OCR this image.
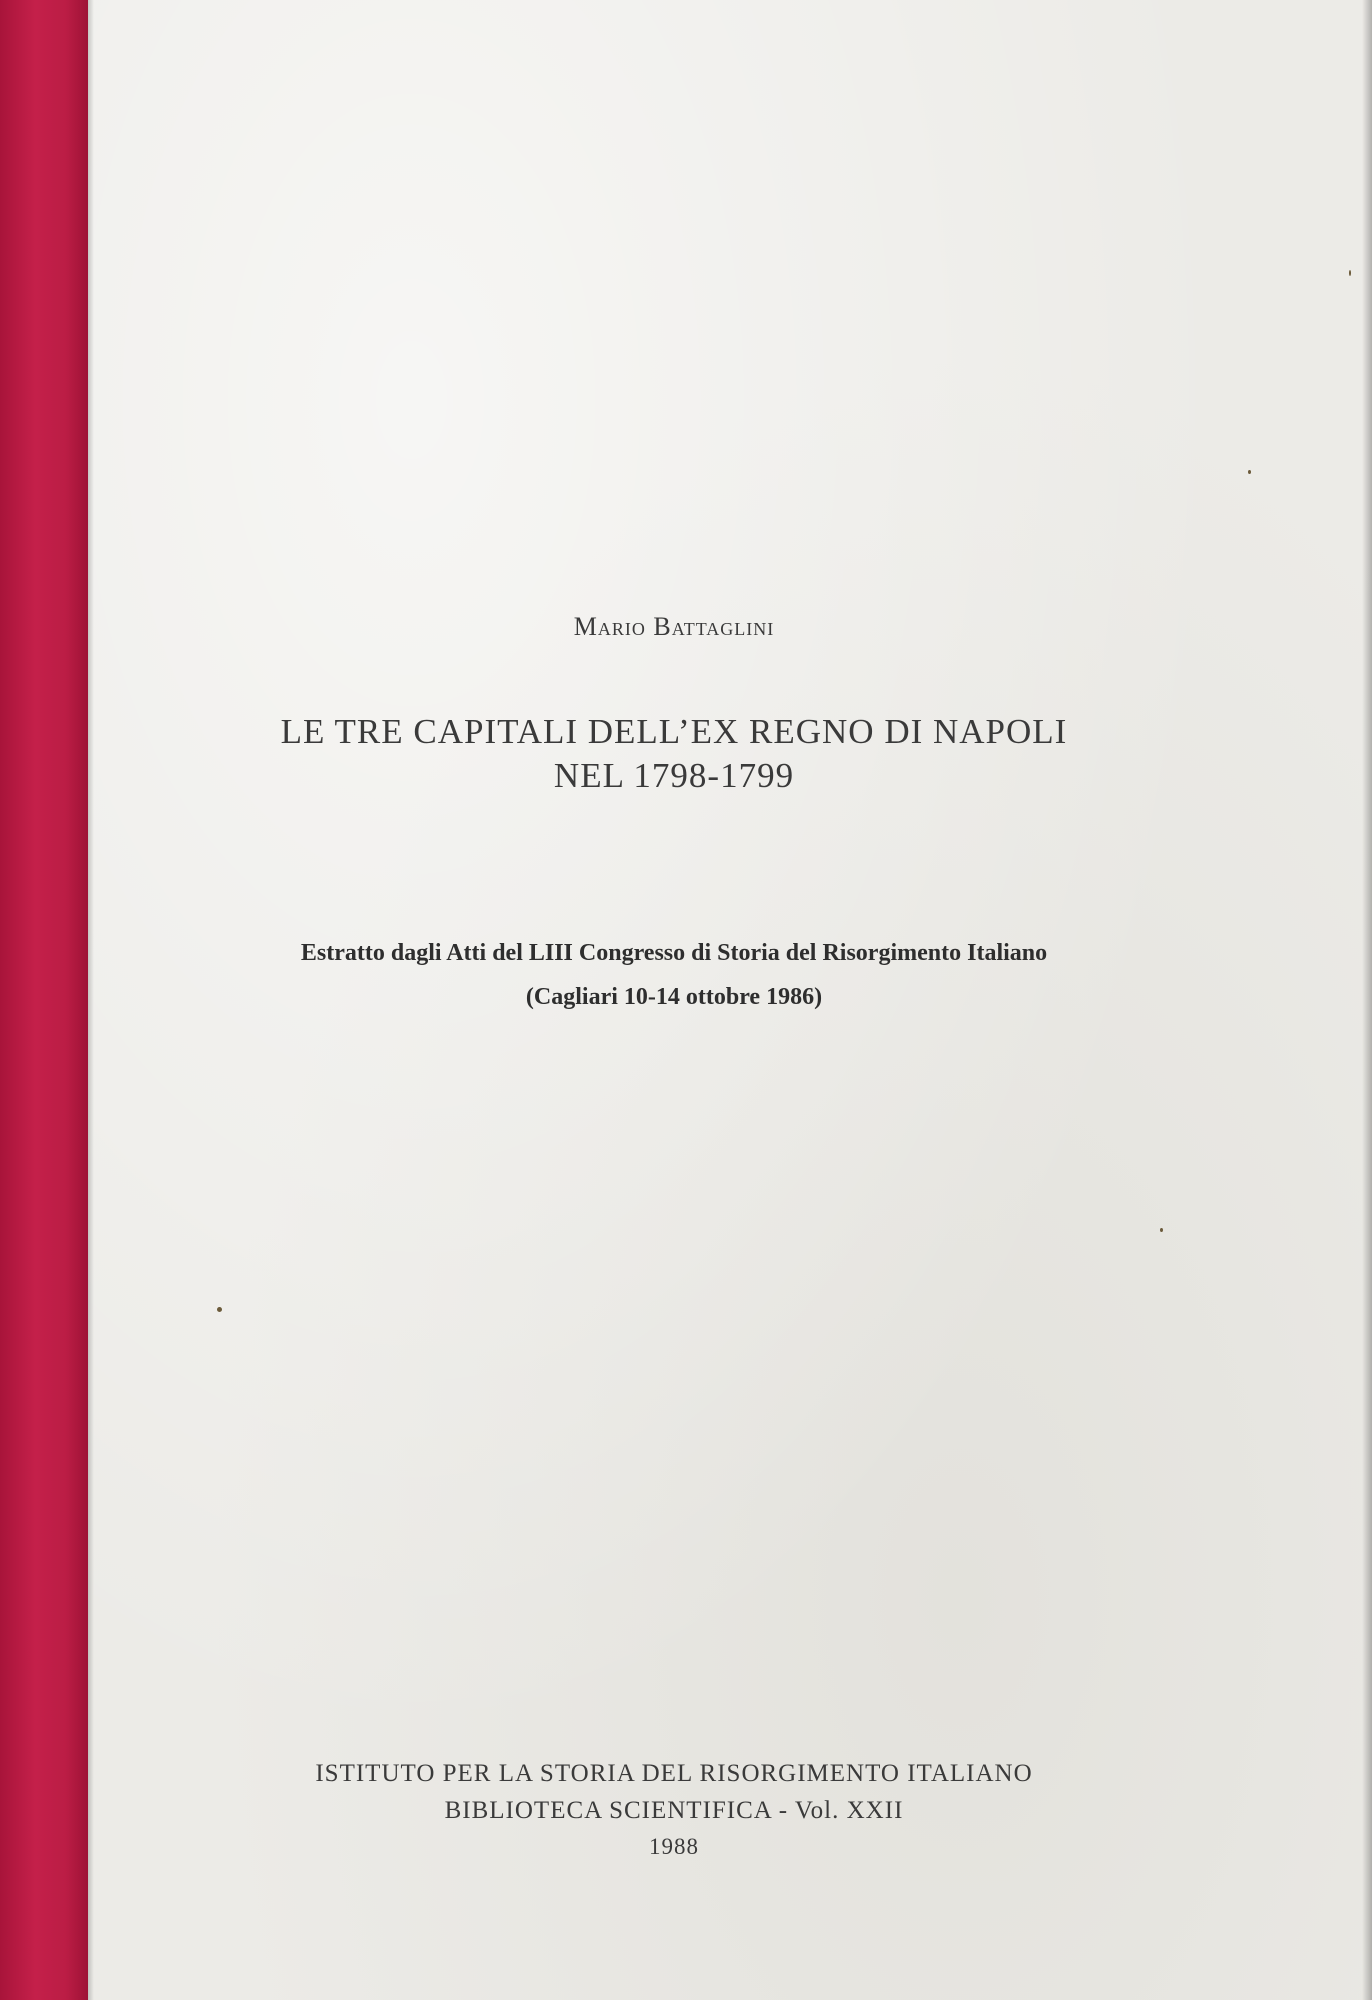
Mario Battaglini
LE TRE CAPITALI DELL’EX REGNO DI NAPOLI
NEL 1798-1799
Estratto dagli Atti del LIII Congresso di Storia del Risorgimento Italiano
(Cagliari 10-14 ottobre 1986)
ISTITUTO PER LA STORIA DEL RISORGIMENTO ITALIANO
BIBLIOTECA SCIENTIFICA - Vol. XXII
1988
